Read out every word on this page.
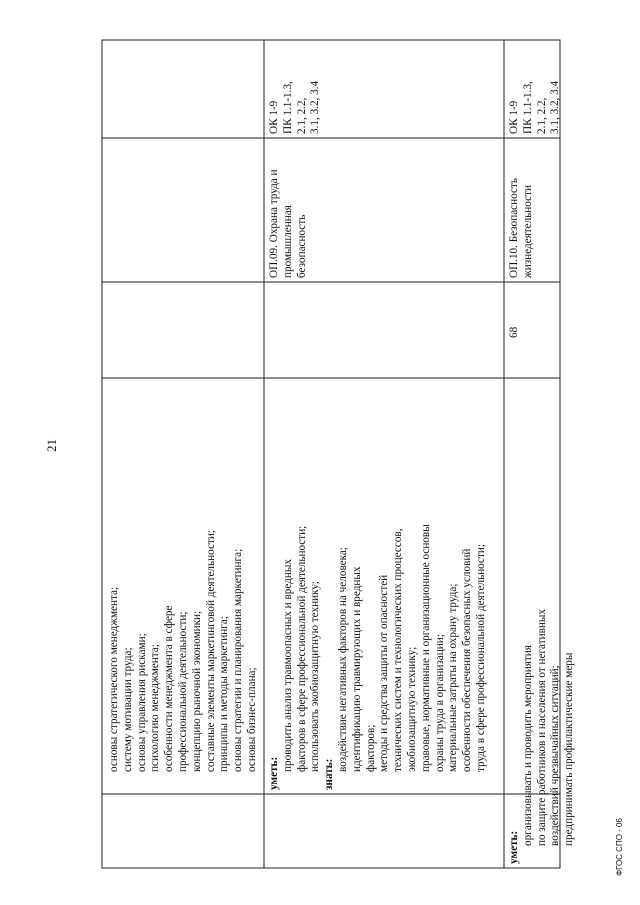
21
основы стратегического менеджмента; систему мотивации труда; основы управления рисками; психологию менеджмента; особенности менеджмента в сфере профессиональной деятельности; концепцию рыночной экономики; составные элементы маркетинговой деятельности; принципы и методы маркетинга; основы стратегии и планирования маркетинга; основы бизнес-плана;
уметь:
проводить анализ травмоопасных и вредных факторов в сфере профессиональной деятельности; использовать экобиозащитную технику;
знать:
воздействие негативных факторов на человека; идентификацию травмирующих и вредных факторов; методы и средства защиты от опасностей технических систем и технологических процессов, экобиозащитную технику; правовые, нормативные и организационные основы охраны труда в организации; материальные затраты на охрану труда; особенности обеспечения безопасных условий труда в сфере профессиональной деятельности;
ОП.09. Охрана труда и промышленная безопасность
ОК 1-9 ПК 1.1-1.3, 2.1, 2.2, 3.1, 3.2, 3.4
уметь:
организовывать и проводить мероприятия по защите работников и населения от негативных воздействий чрезвычайных ситуаций; предпринимать профилактические меры
68
ОП.10. Безопасность жизнедеятельности
ОК 1-9 ПК 1.1-1.3, 2.1, 2.2, 3.1, 3.2, 3.4
ФГОС СПО - 06
